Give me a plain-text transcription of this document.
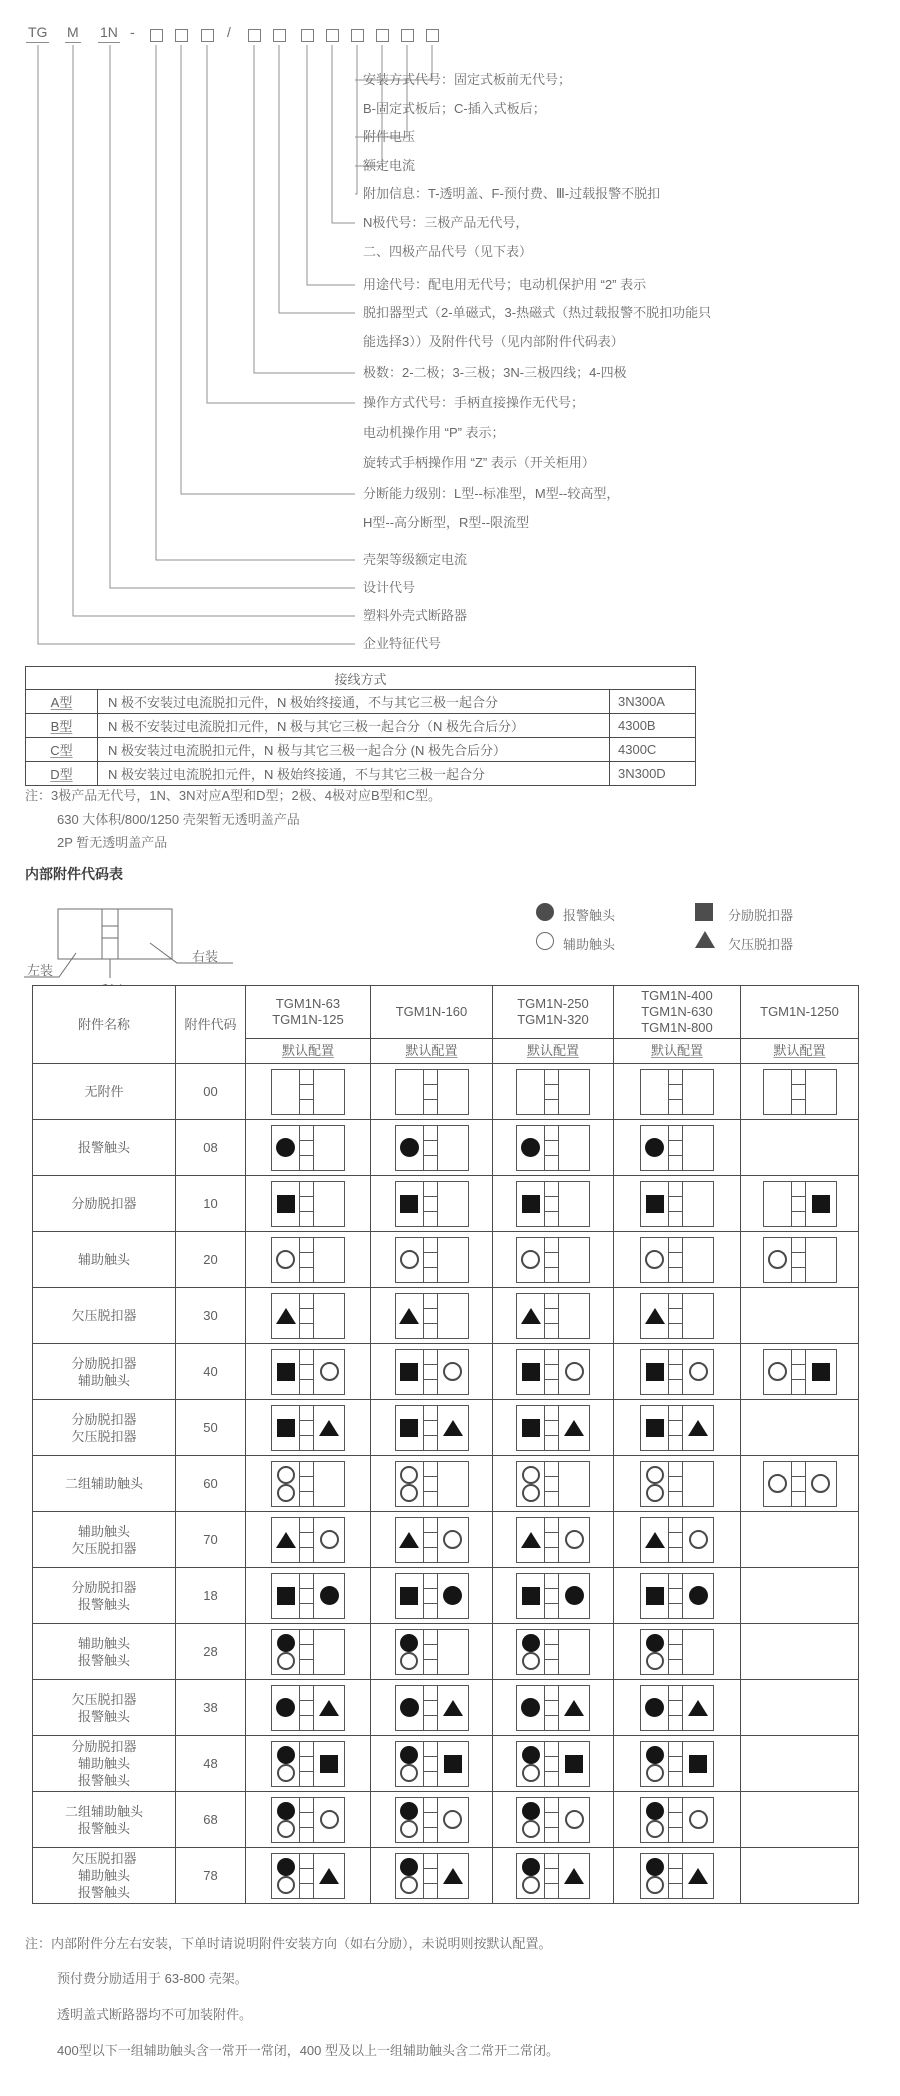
TG M 1N -	/
安装方式代号：固定式板前无代号；
B-固定式板后；C-插入式板后；
附件电压
额定电流
附加信息：T-透明盖、F-预付费、Ⅲ-过载报警不脱扣
N极代号：三极产品无代号，
二、四极产品代号（见下表）
用途代号：配电用无代号；电动机保护用 “2” 表示
脱扣器型式（2-单磁式，3-热磁式（热过载报警不脱扣功能只
能选择3））及附件代号（见内部附件代码表）
极数：2-二极；3-三极；3N-三极四线；4-四极
操作方式代号：手柄直接操作无代号；
电动机操作用 “P” 表示；
旋转式手柄操作用 “Z” 表示（开关柜用）
分断能力级别：L型--标准型，M型--较高型，
H型--高分断型，R型--限流型
壳架等级额定电流
设计代号
塑料外壳式断路器
企业特征代号
接线方式		
A型	N 极不安装过电流脱扣元件，N 极始终接通，不与其它三极一起合分	3N300A
B型	N 极不安装过电流脱扣元件，N 极与其它三极一起合分（N 极先合后分）	4300B
C型	N 极安装过电流脱扣元件，N 极与其它三极一起合分 (N 极先合后分）	4300C
D型	N 极安装过电流脱扣元件，N 极始终接通，不与其它三极一起合分	3N300D
注：3极产品无代号，1N、3N对应A型和D型；2极、4极对应B型和C型。
630 大体积/800/1250 壳架暂无透明盖产品
2P 暂无透明盖产品
内部附件代码表
左装
右装
报警触头	分励脱扣器
辅助触头	欠压脱扣器
附件名称	附件代码	
TGM1N-63
TGM1N-125

TGM1N-160

TGM1N-250
TGM1N-320

TGM1N-400
TGM1N-630
TGM1N-800

TGM1N-1250

		默认配置	默认配置	默认配置	默认配置	默认配置

无附件	00	

报警触头	08	

分励脱扣器	10	

辅助触头	20	

欠压脱扣器	30	

分励脱扣器
辅助触头	40	

分励脱扣器
欠压脱扣器	50	

二组辅助触头	60	

辅助触头
欠压脱扣器	70	

分励脱扣器
报警触头	18	

辅助触头
报警触头	28	

欠压脱扣器
报警触头	38	

分励脱扣器
辅助触头
报警触头	48	

二组辅助触头
报警触头	68	

欠压脱扣器
辅助触头
报警触头	78	

注：内部附件分左右安装，下单时请说明附件安装方向（如右分励），未说明则按默认配置。
预付费分励适用于 63-800 壳架。
透明盖式断路器均不可加装附件。
400型以下一组辅助触头含一常开一常闭，400 型及以上一组辅助触头含二常开二常闭。
